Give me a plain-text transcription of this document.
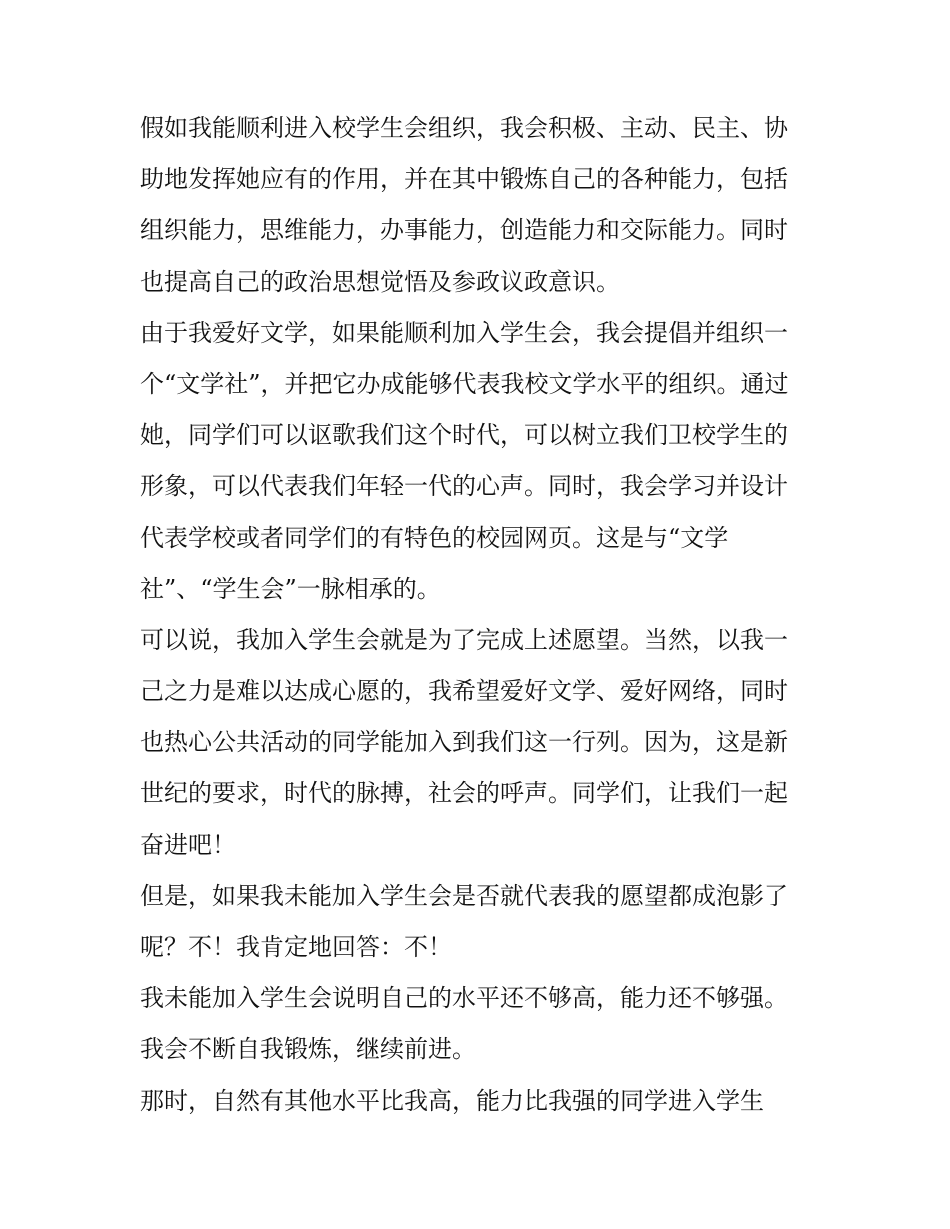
假如我能顺利进入校学生会组织，我会积极、主动、民主、协
助地发挥她应有的作用，并在其中锻炼自己的各种能力，包括
组织能力，思维能力，办事能力，创造能力和交际能力。同时
也提高自己的政治思想觉悟及参政议政意识。
由于我爱好文学，如果能顺利加入学生会，我会提倡并组织一
个“文学社”，并把它办成能够代表我校文学水平的组织。通过
她，同学们可以讴歌我们这个时代，可以树立我们卫校学生的
形象，可以代表我们年轻一代的心声。同时，我会学习并设计
代表学校或者同学们的有特色的校园网页。这是与“文学
社”、“学生会”一脉相承的。
可以说，我加入学生会就是为了完成上述愿望。当然，以我一
己之力是难以达成心愿的，我希望爱好文学、爱好网络，同时
也热心公共活动的同学能加入到我们这一行列。因为，这是新
世纪的要求，时代的脉搏，社会的呼声。同学们，让我们一起
奋进吧！
但是，如果我未能加入学生会是否就代表我的愿望都成泡影了
呢？不！我肯定地回答：不！
我未能加入学生会说明自己的水平还不够高，能力还不够强。
我会不断自我锻炼，继续前进。
那时，自然有其他水平比我高，能力比我强的同学进入学生
